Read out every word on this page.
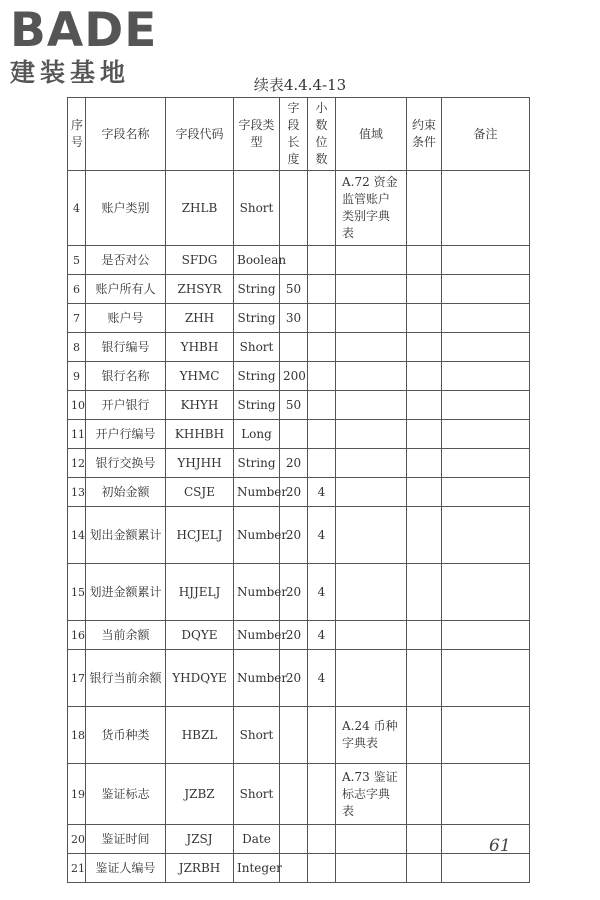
BADE
建装基地	续表4.4.4-13
序号	字段名称	字段代码	字段类型	字段长度	小数位数	值域	约束条件	备注
4	账户类别	ZHLB	Short			A.72 资金监管账户类别字典表		
5	是否对公	SFDG	Boolean					
6	账户所有人	ZHSYR	String	50				
7	账户号	ZHH	String	30				
8	银行编号	YHBH	Short					
9	银行名称	YHMC	String	200				
10	开户银行	KHYH	String	50				
11	开户行编号	KHHBH	Long					
12	银行交换号	YHJHH	String	20				
13	初始金额	CSJE	Number	20	4			
14	划出金额累计	HCJELJ	Number	20	4			
15	划进金额累计	HJJELJ	Number	20	4			
16	当前余额	DQYE	Number	20	4			
17	银行当前余额	YHDQYE	Number	20	4			
18	货币种类	HBZL	Short			A.24 币种字典表		
19	鉴证标志	JZBZ	Short			A.73 鉴证标志字典表		
20	鉴证时间	JZSJ	Date					
21	鉴证人编号	JZRBH	Integer					
61
